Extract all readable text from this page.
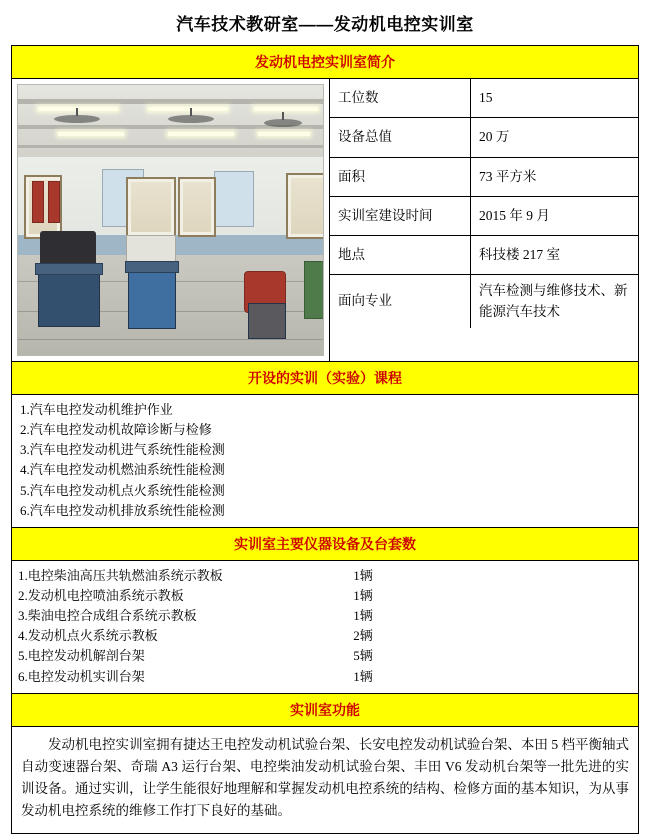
汽车技术教研室——发动机电控实训室
发动机电控实训室简介
工位数	15
设备总值	20 万
面积	73 平方米
实训室建设时间	2015 年 9 月
地点	科技楼 217 室
面向专业	汽车检测与维修技术、新能源汽车技术
开设的实训（实验）课程
1.汽车电控发动机维护作业
2.汽车电控发动机故障诊断与检修
3.汽车电控发动机进气系统性能检测
4.汽车电控发动机燃油系统性能检测
5.汽车电控发动机点火系统性能检测
6.汽车电控发动机排放系统性能检测
实训室主要仪器设备及台套数
1.电控柴油高压共轨燃油系统示教板	1辆
2.发动机电控喷油系统示教板	1辆
3.柴油电控合成组合系统示教板	1辆
4.发动机点火系统示教板	2辆
5.电控发动机解剖台架	5辆
6.电控发动机实训台架	1辆
实训室功能

发动机电控实训室拥有捷达王电控发动机试验台架、长安电控发动机试验台架、本田 5 档平衡轴式自动变速器台架、奇瑞 A3 运行台架、电控柴油发动机试验台架、丰田 V6 发动机台架等一批先进的实训设备。通过实训，让学生能很好地理解和掌握发动机电控系统的结构、检修方面的基本知识，为从事发动机电控系统的维修工作打下良好的基础。
